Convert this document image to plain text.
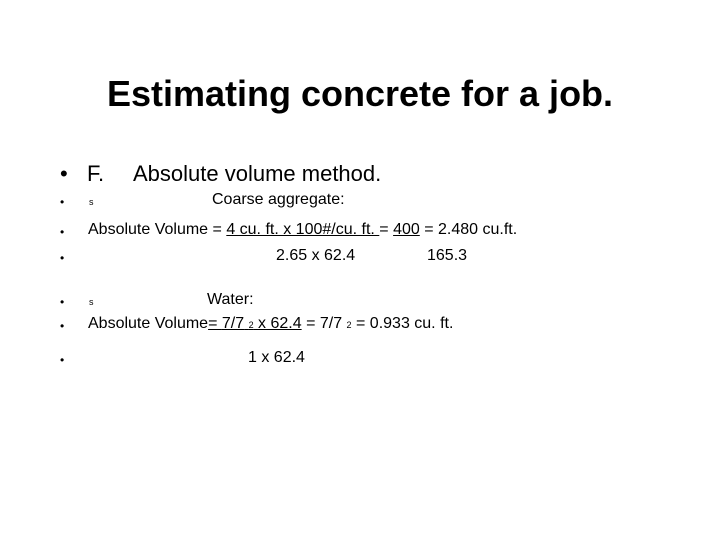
Estimating concrete for a job.
• F. Absolute volume method.
•	s	Coarse aggregate:
• Absolute Volume = 4 cu. ft. x 100#/cu. ft. = 400 = 2.480 cu.ft.
•	2.65 x 62.4	165.3
•	s	Water:
• Absolute Volume= 7/7 2 x 62.4 = 7/7 2 = 0.933 cu. ft.
•	1 x 62.4
